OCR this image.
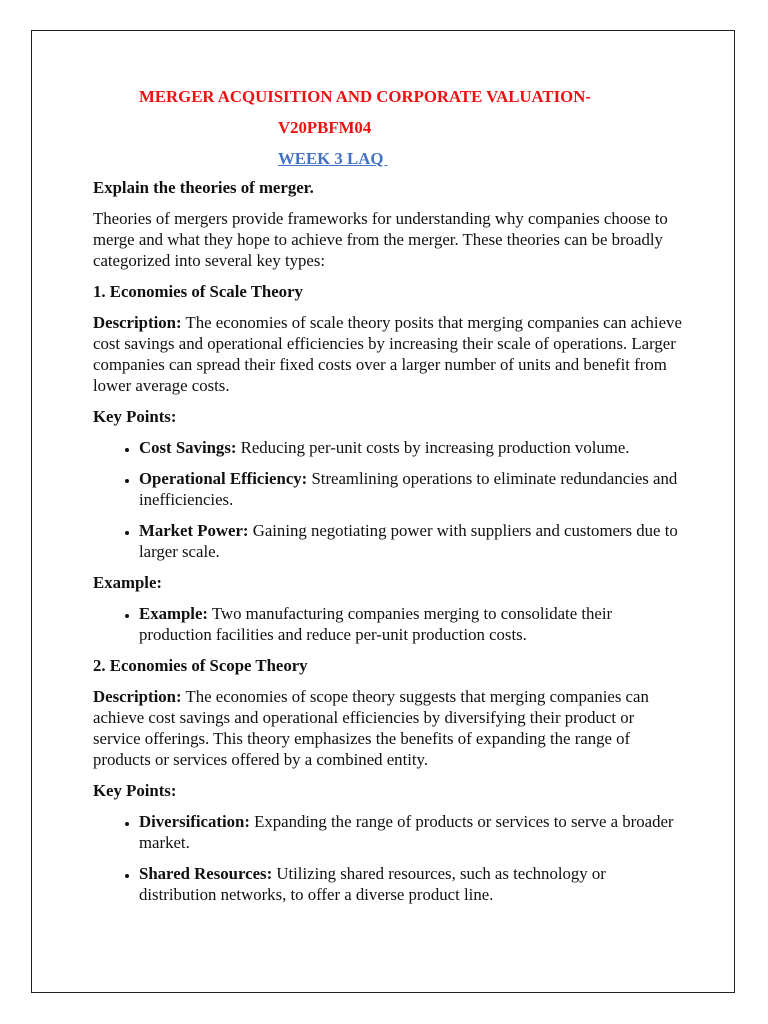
MERGER ACQUISITION AND CORPORATE VALUATION-

V20PBFM04

WEEK 3 LAQ

Explain the theories of merger.

Theories of mergers provide frameworks for understanding why companies choose to merge and what they hope to achieve from the merger. These theories can be broadly categorized into several key types:

1. Economies of Scale Theory

Description: The economies of scale theory posits that merging companies can achieve cost savings and operational efficiencies by increasing their scale of operations. Larger companies can spread their fixed costs over a larger number of units and benefit from lower average costs.

Key Points:

• Cost Savings: Reducing per-unit costs by increasing production volume.
• Operational Efficiency: Streamlining operations to eliminate redundancies and inefficiencies.
• Market Power: Gaining negotiating power with suppliers and customers due to larger scale.

Example:

• Example: Two manufacturing companies merging to consolidate their production facilities and reduce per-unit production costs.

2. Economies of Scope Theory

Description: The economies of scope theory suggests that merging companies can achieve cost savings and operational efficiencies by diversifying their product or service offerings. This theory emphasizes the benefits of expanding the range of products or services offered by a combined entity.

Key Points:

• Diversification: Expanding the range of products or services to serve a broader market.
• Shared Resources: Utilizing shared resources, such as technology or distribution networks, to offer a diverse product line.
